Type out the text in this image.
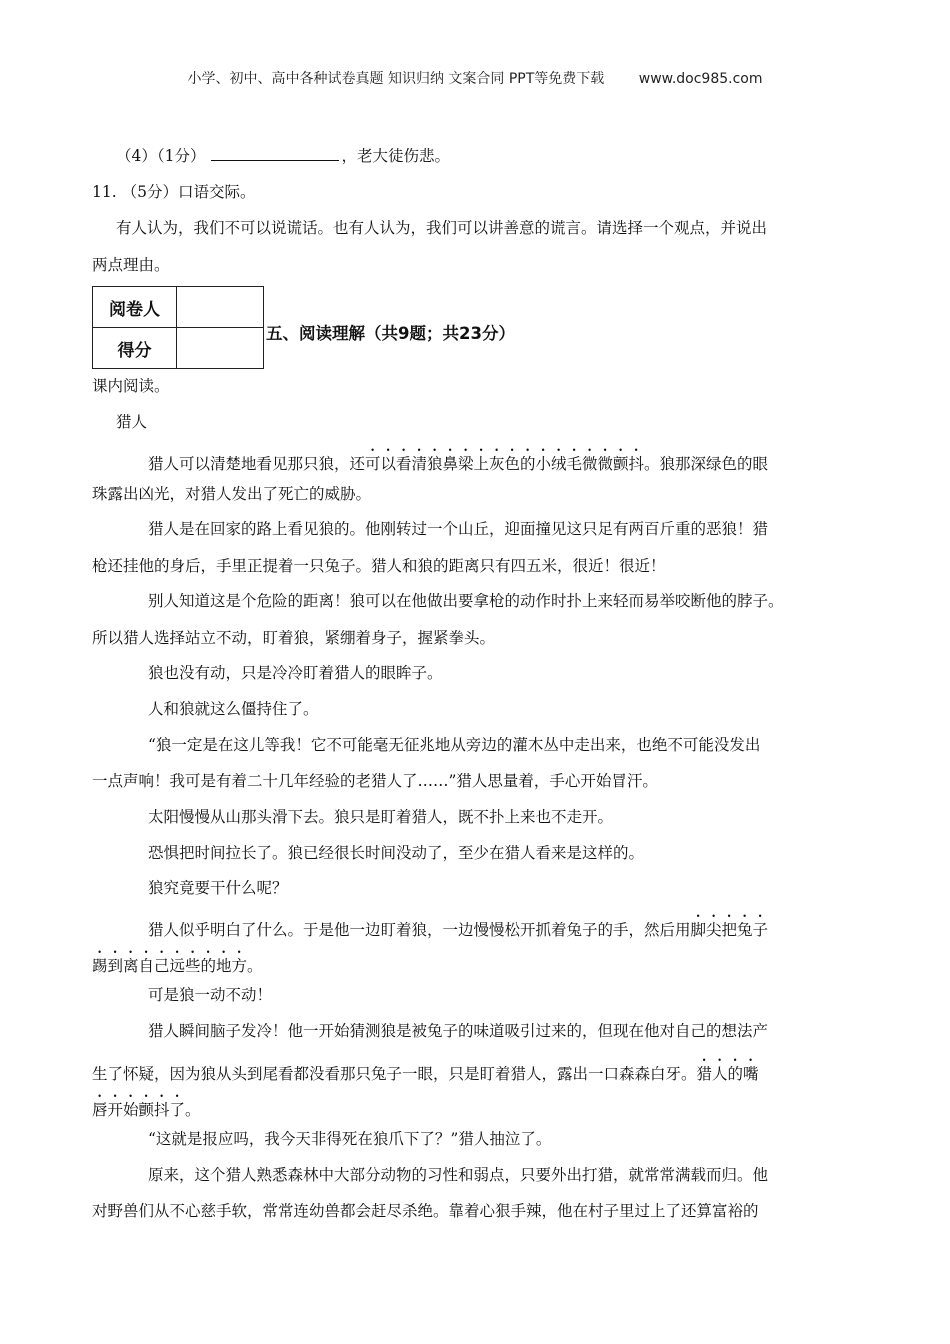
小学、初中、高中各种试卷真题 知识归纳 文案合同 PPT等免费下载 www.doc985.com
（4）（1分）	，老大徒伤悲。
11. （5分）口语交际。
有人认为，我们不可以说谎话。也有人认为，我们可以讲善意的谎言。请选择一个观点，并说出
两点理由。
阅卷人	
得分	
五、阅读理解（共9题；共23分）
课内阅读。
猎人
猎人可以清楚地看见那只狼，还可以看清狼鼻梁上灰色的小绒毛微微颤抖。狼那深绿色的眼
珠露出凶光，对猎人发出了死亡的威胁。
猎人是在回家的路上看见狼的。他刚转过一个山丘，迎面撞见这只足有两百斤重的恶狼！猎
枪还挂他的身后，手里正提着一只兔子。猎人和狼的距离只有四五米，很近！很近！
别人知道这是个危险的距离！狼可以在他做出要拿枪的动作时扑上来轻而易举咬断他的脖子。
所以猎人选择站立不动，盯着狼，紧绷着身子，握紧拳头。
狼也没有动，只是冷冷盯着猎人的眼眸子。
人和狼就这么僵持住了。
“狼一定是在这儿等我！它不可能毫无征兆地从旁边的灌木丛中走出来，也绝不可能没发出
一点声响！我可是有着二十几年经验的老猎人了……”猎人思量着，手心开始冒汗。
太阳慢慢从山那头滑下去。狼只是盯着猎人，既不扑上来也不走开。
恐惧把时间拉长了。狼已经很长时间没动了，至少在猎人看来是这样的。
狼究竟要干什么呢？
猎人似乎明白了什么。于是他一边盯着狼，一边慢慢松开抓着兔子的手，然后用脚尖把兔子
踢到离自己远些的地方。
可是狼一动不动！
猎人瞬间脑子发冷！他一开始猜测狼是被兔子的味道吸引过来的，但现在他对自己的想法产
生了怀疑，因为狼从头到尾看都没看那只兔子一眼，只是盯着猎人，露出一口森森白牙。猎人的嘴
唇开始颤抖了。
“这就是报应吗，我今天非得死在狼爪下了？”猎人抽泣了。
原来，这个猎人熟悉森林中大部分动物的习性和弱点，只要外出打猎，就常常满载而归。他
对野兽们从不心慈手软，常常连幼兽都会赶尽杀绝。靠着心狠手辣，他在村子里过上了还算富裕的
